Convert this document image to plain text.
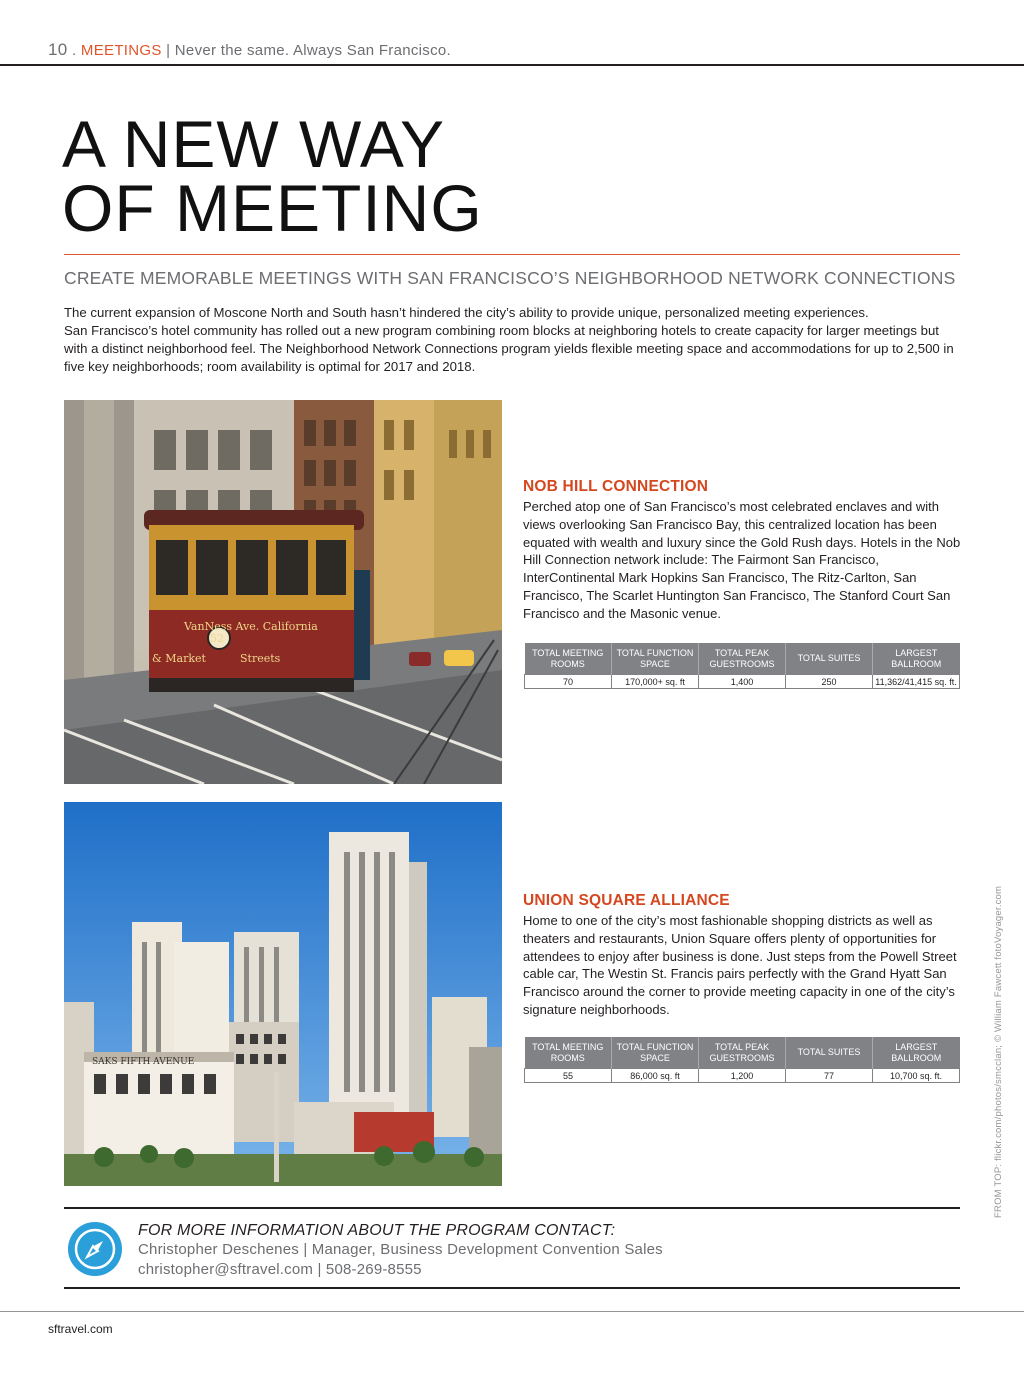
10 . MEETINGS | Never the same. Always San Francisco.
A NEW WAY
OF MEETING
CREATE MEMORABLE MEETINGS WITH SAN FRANCISCO’S NEIGHBORHOOD NETWORK CONNECTIONS

The current expansion of Moscone North and South hasn’t hindered the city’s ability to provide unique, personalized meeting experiences.

San Francisco’s hotel community has rolled out a new program combining room blocks at neighboring hotels to create capacity for larger meetings but with a distinct neighborhood feel. The Neighborhood Network Connections program yields flexible meeting space and accommodations for up to 2,500 in five key neighborhoods; room availability is optimal for 2017 and 2018.

VanNess Ave. California
52
& Market	Streets
NOB HILL CONNECTION

Perched atop one of San Francisco’s most celebrated enclaves and with views overlooking San Francisco Bay, this centralized location has been equated with wealth and luxury since the Gold Rush days. Hotels in the Nob Hill Connection network include: The Fairmont San Francisco, InterContinental Mark Hopkins San Francisco, The Ritz-Carlton, San Francisco, The Scarlet Huntington San Francisco, The Stanford Court San Francisco and the Masonic venue.

TOTAL MEETING ROOMS	TOTAL FUNCTION SPACE	TOTAL PEAK GUESTROOMS	TOTAL SUITES	LARGEST BALLROOM
70	170,000+ sq. ft	1,400	250	11,362/41,415 sq. ft.
SAKS FIFTH AVENUE
UNION SQUARE ALLIANCE

Home to one of the city’s most fashionable shopping districts as well as theaters and restaurants, Union Square offers plenty of opportunities for attendees to enjoy after business is done. Just steps from the Powell Street cable car, The Westin St. Francis pairs perfectly with the Grand Hyatt San Francisco around the corner to provide meeting capacity in one of the city’s signature neighborhoods.

TOTAL MEETING ROOMS	TOTAL FUNCTION SPACE	TOTAL PEAK GUESTROOMS	TOTAL SUITES	LARGEST BALLROOM
55	86,000 sq. ft	1,200	77	10,700 sq. ft.	FROM TOP: flickr.com/photos/smcclan; © William Fawcett fotoVoyager.com
FOR MORE INFORMATION ABOUT THE PROGRAM CONTACT:
Christopher Deschenes | Manager, Business Development Convention Sales
christopher@sftravel.com | 508-269-8555
sftravel.com
